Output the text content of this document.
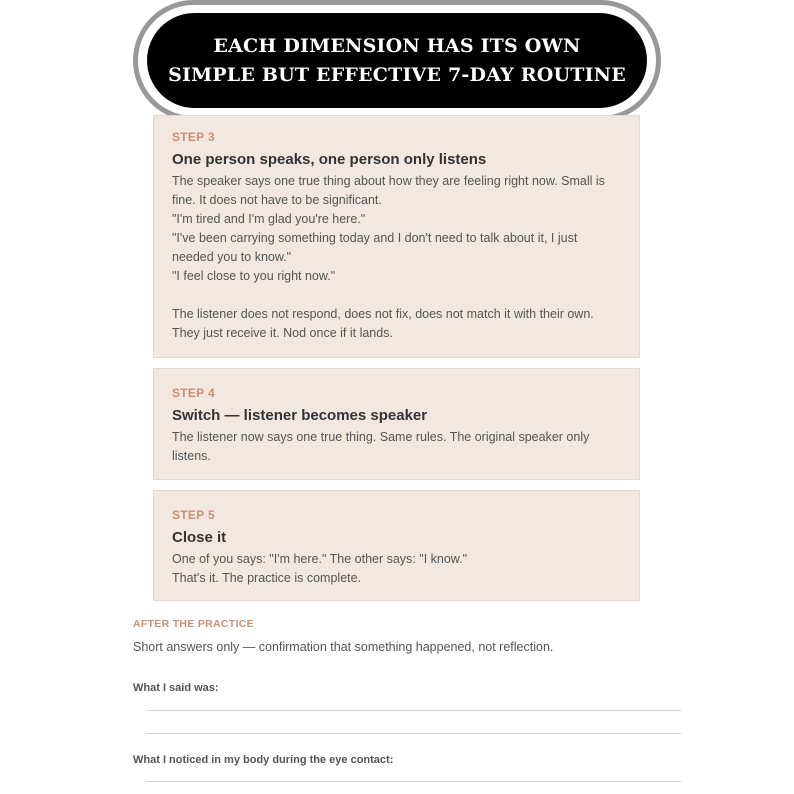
EACH DIMENSION HAS ITS OWN
SIMPLE BUT EFFECTIVE 7-DAY ROUTINE
STEP 3
One person speaks, one person only listens
The speaker says one true thing about how they are feeling right now. Small is fine. It does not have to be significant.
"I'm tired and I'm glad you're here."
"I've been carrying something today and I don't need to talk about it, I just needed you to know."
"I feel close to you right now."
The listener does not respond, does not fix, does not match it with their own. They just receive it. Nod once if it lands.
STEP 4
Switch — listener becomes speaker
The listener now says one true thing. Same rules. The original speaker only listens.
STEP 5
Close it
One of you says: "I'm here." The other says: "I know."
That's it. The practice is complete.
AFTER THE PRACTICE
Short answers only — confirmation that something happened, not reflection.
What I said was:
What I noticed in my body during the eye contact:
